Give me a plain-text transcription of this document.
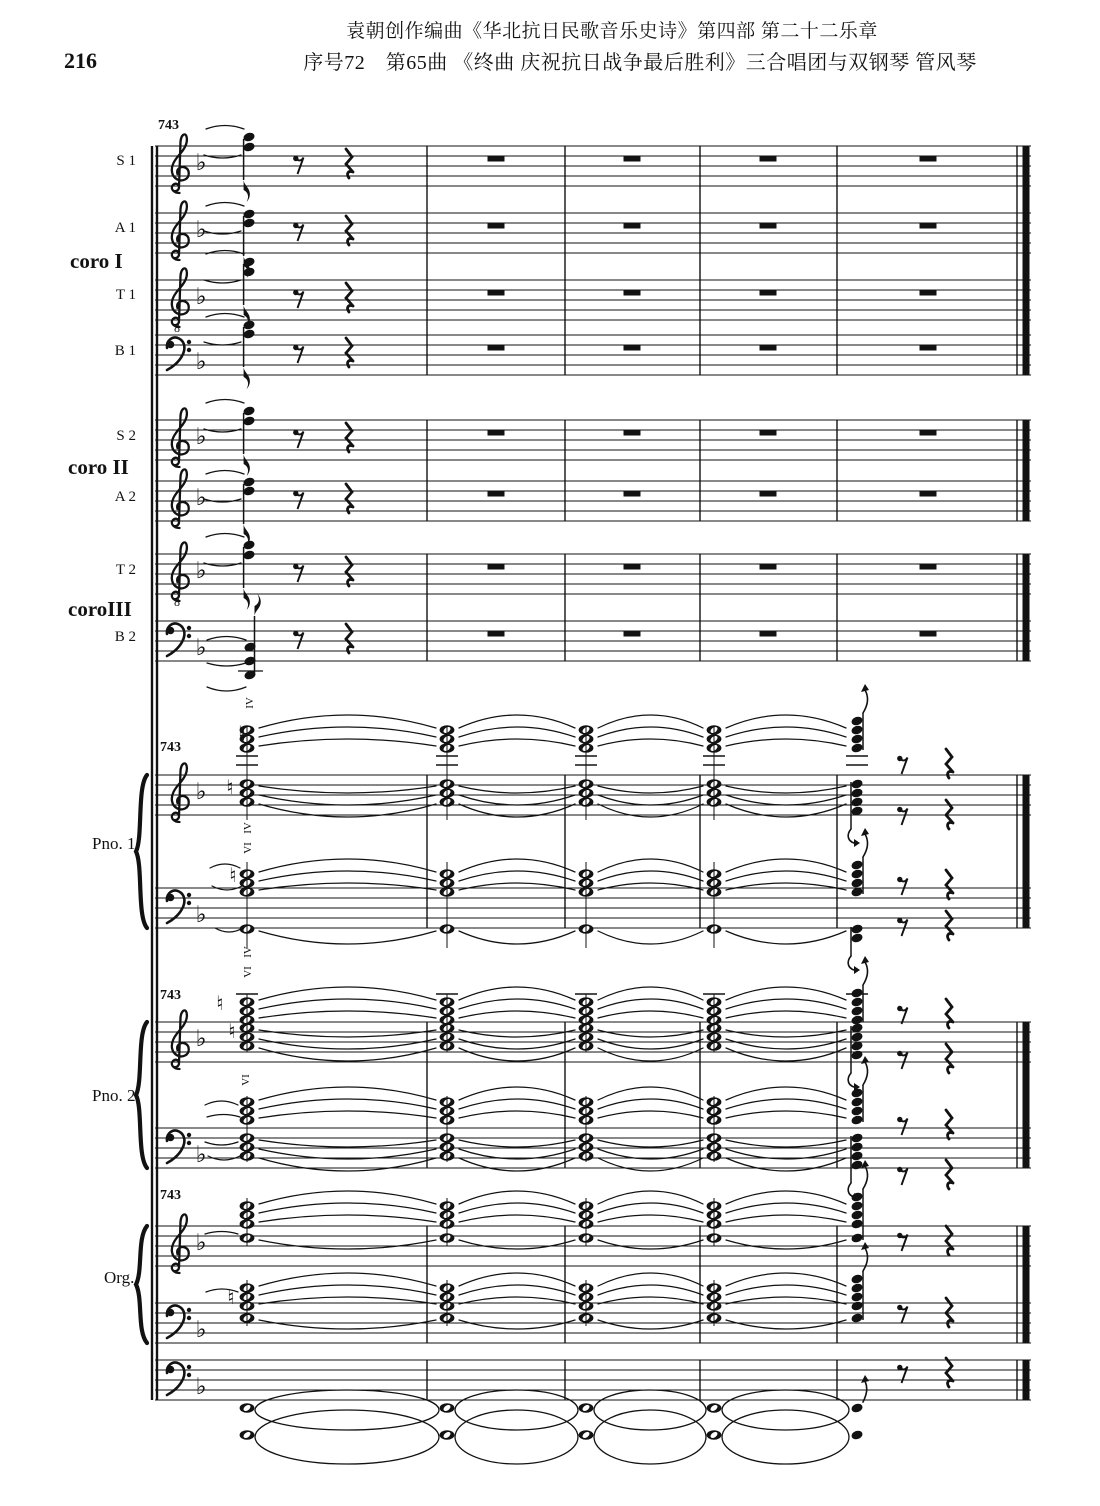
♭
♭
♭
8
♭
♭
♭
♭
8
♭
♭
♭
♭
♭
♭
♭
♭
♮
♮
♮
♮
♮
♮
IV
IV
VI
IV
VI
VI
216
袁朝创作编曲《华北抗日民歌音乐史诗》第四部 第二十二乐章
序号72　第65曲 《终曲 庆祝抗日战争最后胜利》三合唱团与双钢琴 管风琴
743
743
743
743
S 1
A 1
T 1
B 1
S 2
A 2
T 2
B 2
coro I
coro II
coroIII
Pno. 1
Pno. 2
Org.
